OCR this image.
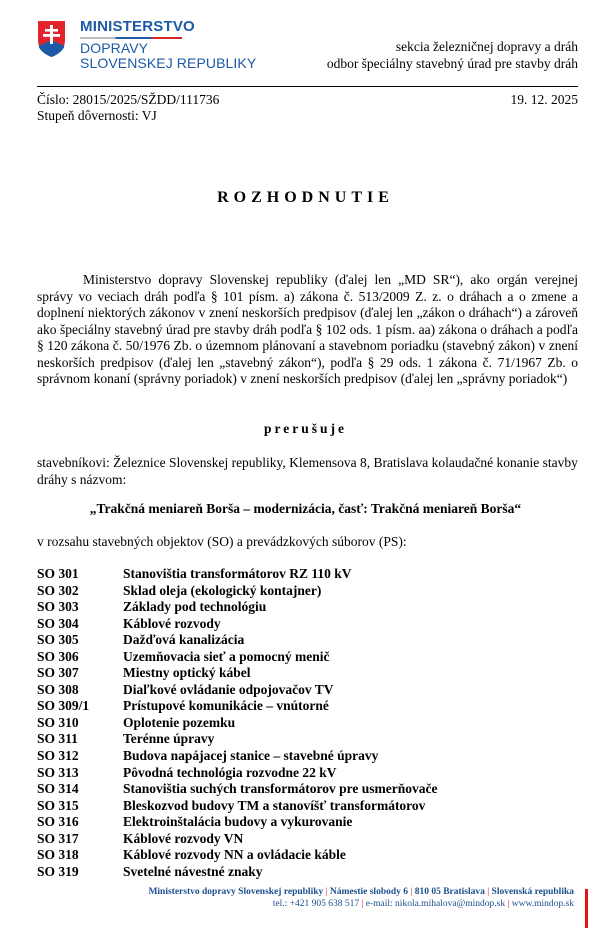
MINISTERSTVO
DOPRAVY
SLOVENSKEJ REPUBLIKY
sekcia železničnej dopravy a dráh
odbor špeciálny stavebný úrad pre stavby dráh
Číslo: 28015/2025/SŽDD/111736
Stupeň dôvernosti: VJ
19. 12. 2025
ROZHODNUTIE
Ministerstvo dopravy Slovenskej republiky (ďalej len „MD SR“), ako orgán verejnej správy vo veciach dráh podľa § 101 písm. a) zákona č. 513/2009 Z. z. o dráhach a o zmene a doplnení niektorých zákonov v znení neskorších predpisov (ďalej len „zákon o dráhach“) a zároveň ako špeciálny stavebný úrad pre stavby dráh podľa § 102 ods. 1 písm. aa) zákona o dráhach a podľa § 120 zákona č. 50/1976 Zb. o územnom plánovaní a stavebnom poriadku (stavebný zákon) v znení neskorších predpisov (ďalej len „stavebný zákon“), podľa § 29 ods. 1 zákona č. 71/1967 Zb. o správnom konaní (správny poriadok) v znení neskorších predpisov (ďalej len „správny poriadok“)
prerušuje
stavebníkovi: Železnice Slovenskej republiky, Klemensova 8, Bratislava kolaudačné konanie stavby dráhy s názvom:
„Trakčná meniareň Borša – modernizácia, časť: Trakčná meniareň Borša“
v rozsahu stavebných objektov (SO) a prevádzkových súborov (PS):
SO 301	Stanovištia transformátorov RZ 110 kV
SO 302	Sklad oleja (ekologický kontajner)
SO 303	Základy pod technológiu
SO 304	Káblové rozvody
SO 305	Dažďová kanalizácia
SO 306	Uzemňovacia sieť a pomocný menič
SO 307	Miestny optický kábel
SO 308	Diaľkové ovládanie odpojovačov TV
SO 309/1	Prístupové komunikácie – vnútorné
SO 310	Oplotenie pozemku
SO 311	Terénne úpravy
SO 312	Budova napájacej stanice – stavebné úpravy
SO 313	Pôvodná technológia rozvodne 22 kV
SO 314	Stanovištia suchých transformátorov pre usmerňovače
SO 315	Bleskozvod budovy TM a stanovíšť transformátorov
SO 316	Elektroinštalácia budovy a vykurovanie
SO 317	Káblové rozvody VN
SO 318	Káblové rozvody NN a ovládacie káble
SO 319	Svetelné návestné znaky
Ministerstvo dopravy Slovenskej republiky | Námestie slobody 6 | 810 05 Bratislava | Slovenská republika
tel.: +421 905 638 517 | e-mail: nikola.mihalova@mindop.sk | www.mindop.sk
